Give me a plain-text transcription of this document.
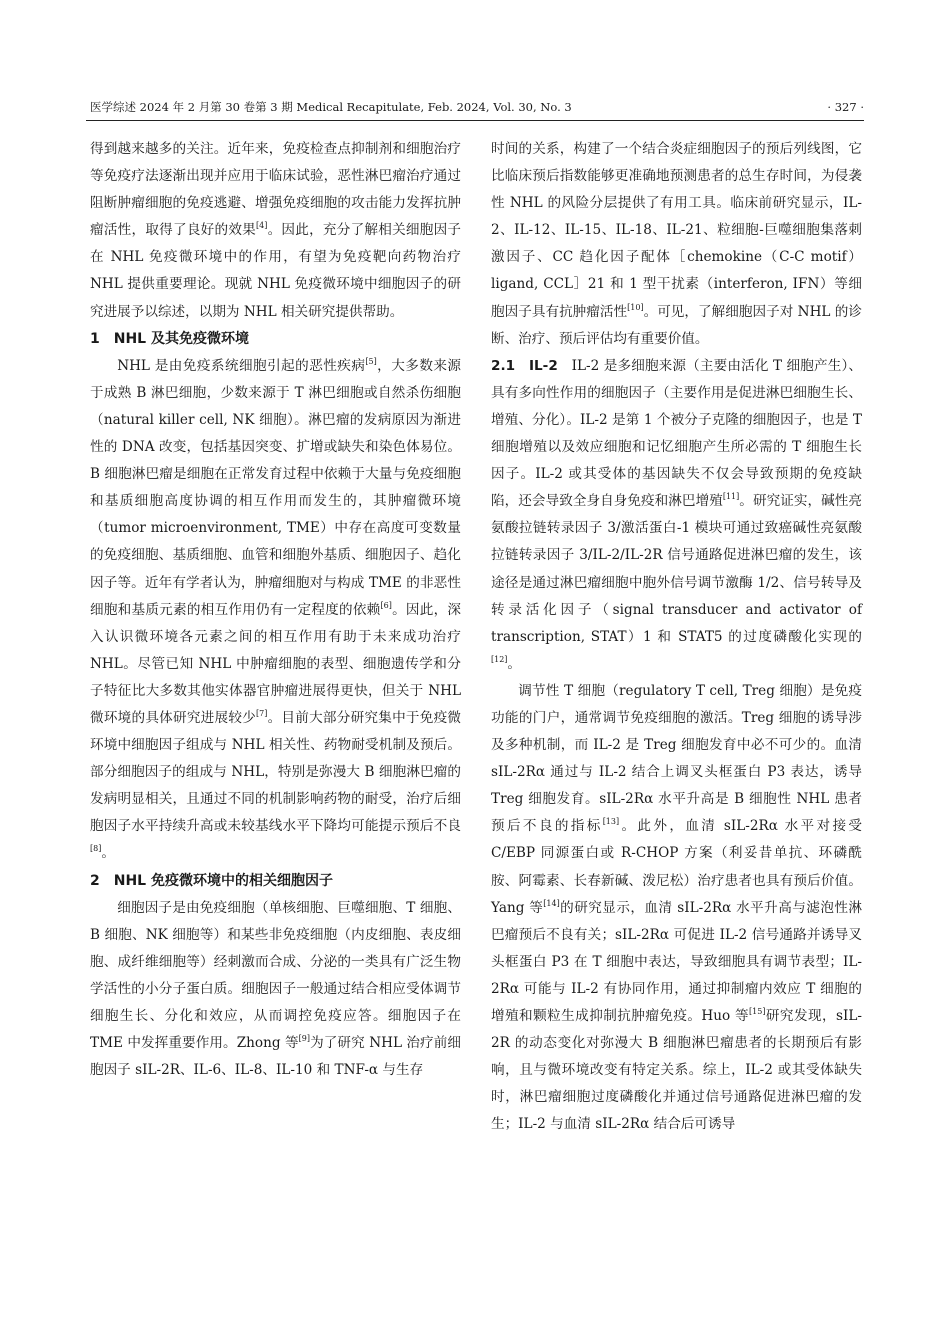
医学综述 2024 年 2 月第 30 卷第 3 期 Medical Recapitulate, Feb. 2024, Vol. 30, No. 3	· 327 ·

得到越来越多的关注。近年来，免疫检查点抑制剂和细胞治疗等免疫疗法逐渐出现并应用于临床试验，恶性淋巴瘤治疗通过阻断肿瘤细胞的免疫逃避、增强免疫细胞的攻击能力发挥抗肿瘤活性，取得了良好的效果[4]。因此，充分了解相关细胞因子在 NHL 免疫微环境中的作用，有望为免疫靶向药物治疗 NHL 提供重要理论。现就 NHL 免疫微环境中细胞因子的研究进展予以综述，以期为 NHL 相关研究提供帮助。

1　NHL 及其免疫微环境

NHL 是由免疫系统细胞引起的恶性疾病[5]，大多数来源于成熟 B 淋巴细胞，少数来源于 T 淋巴细胞或自然杀伤细胞（natural killer cell, NK 细胞）。淋巴瘤的发病原因为渐进性的 DNA 改变，包括基因突变、扩增或缺失和染色体易位。B 细胞淋巴瘤是细胞在正常发育过程中依赖于大量与免疫细胞和基质细胞高度协调的相互作用而发生的，其肿瘤微环境（tumor microenvironment, TME）中存在高度可变数量的免疫细胞、基质细胞、血管和细胞外基质、细胞因子、趋化因子等。近年有学者认为，肿瘤细胞对与构成 TME 的非恶性细胞和基质元素的相互作用仍有一定程度的依赖[6]。因此，深入认识微环境各元素之间的相互作用有助于未来成功治疗 NHL。尽管已知 NHL 中肿瘤细胞的表型、细胞遗传学和分子特征比大多数其他实体器官肿瘤进展得更快，但关于 NHL 微环境的具体研究进展较少[7]。目前大部分研究集中于免疫微环境中细胞因子组成与 NHL 相关性、药物耐受机制及预后。部分细胞因子的组成与 NHL，特别是弥漫大 B 细胞淋巴瘤的发病明显相关，且通过不同的机制影响药物的耐受，治疗后细胞因子水平持续升高或未较基线水平下降均可能提示预后不良[8]。

2　NHL 免疫微环境中的相关细胞因子

细胞因子是由免疫细胞（单核细胞、巨噬细胞、T 细胞、B 细胞、NK 细胞等）和某些非免疫细胞（内皮细胞、表皮细胞、成纤维细胞等）经刺激而合成、分泌的一类具有广泛生物学活性的小分子蛋白质。细胞因子一般通过结合相应受体调节细胞生长、分化和效应，从而调控免疫应答。细胞因子在 TME 中发挥重要作用。Zhong 等[9]为了研究 NHL 治疗前细胞因子 sIL-2R、IL-6、IL-8、IL-10 和 TNF-α 与生存

时间的关系，构建了一个结合炎症细胞因子的预后列线图，它比临床预后指数能够更准确地预测患者的总生存时间，为侵袭性 NHL 的风险分层提供了有用工具。临床前研究显示，IL-2、IL-12、IL-15、IL-18、IL-21、粒细胞-巨噬细胞集落刺激因子、CC 趋化因子配体［chemokine（C-C motif）ligand, CCL］21 和 1 型干扰素（interferon, IFN）等细胞因子具有抗肿瘤活性[10]。可见，了解细胞因子对 NHL 的诊断、治疗、预后评估均有重要价值。

2.1　IL-2　IL-2 是多细胞来源（主要由活化 T 细胞产生）、具有多向性作用的细胞因子（主要作用是促进淋巴细胞生长、增殖、分化）。IL-2 是第 1 个被分子克隆的细胞因子，也是 T 细胞增殖以及效应细胞和记忆细胞产生所必需的 T 细胞生长因子。IL-2 或其受体的基因缺失不仅会导致预期的免疫缺陷，还会导致全身自身免疫和淋巴增殖[11]。研究证实，碱性亮氨酸拉链转录因子 3/激活蛋白-1 模块可通过致癌碱性亮氨酸拉链转录因子 3/IL-2/IL-2R 信号通路促进淋巴瘤的发生，该途径是通过淋巴瘤细胞中胞外信号调节激酶 1/2、信号转导及转录活化因子（signal transducer and activator of transcription, STAT）1 和 STAT5 的过度磷酸化实现的[12]。

调节性 T 细胞（regulatory T cell, Treg 细胞）是免疫功能的门户，通常调节免疫细胞的激活。Treg 细胞的诱导涉及多种机制，而 IL-2 是 Treg 细胞发育中必不可少的。血清 sIL-2Rα 通过与 IL-2 结合上调叉头框蛋白 P3 表达，诱导 Treg 细胞发育。sIL-2Rα 水平升高是 B 细胞性 NHL 患者预后不良的指标[13]。此外，血清 sIL-2Rα 水平对接受 C/EBP 同源蛋白或 R-CHOP 方案（利妥昔单抗、环磷酰胺、阿霉素、长春新碱、泼尼松）治疗患者也具有预后价值。Yang 等[14]的研究显示，血清 sIL-2Rα 水平升高与滤泡性淋巴瘤预后不良有关；sIL-2Rα 可促进 IL-2 信号通路并诱导叉头框蛋白 P3 在 T 细胞中表达，导致细胞具有调节表型；IL-2Rα 可能与 IL-2 有协同作用，通过抑制瘤内效应 T 细胞的增殖和颗粒生成抑制抗肿瘤免疫。Huo 等[15]研究发现，sIL-2R 的动态变化对弥漫大 B 细胞淋巴瘤患者的长期预后有影响，且与微环境改变有特定关系。综上，IL-2 或其受体缺失时，淋巴瘤细胞过度磷酸化并通过信号通路促进淋巴瘤的发生；IL-2 与血清 sIL-2Rα 结合后可诱导
